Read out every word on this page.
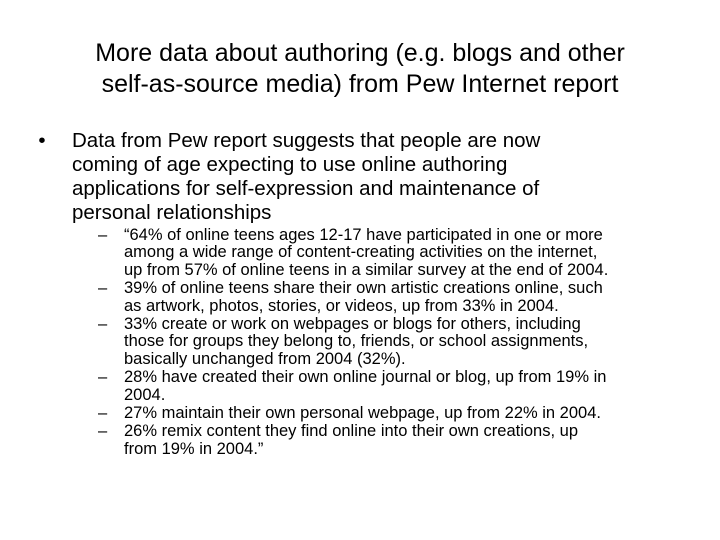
More data about authoring (e.g. blogs and other
self-as-source media) from Pew Internet report
•	Data from Pew report suggests that people are now
coming of age expecting to use online authoring
applications for self-expression and maintenance of
personal relationships
–	“64% of online teens ages 12-17 have participated in one or more
among a wide range of content-creating activities on the internet,
up from 57% of online teens in a similar survey at the end of 2004.
–	39% of online teens share their own artistic creations online, such
as artwork, photos, stories, or videos, up from 33% in 2004.
–	33% create or work on webpages or blogs for others, including
those for groups they belong to, friends, or school assignments,
basically unchanged from 2004 (32%).
–	28% have created their own online journal or blog, up from 19% in
2004.
–	27% maintain their own personal webpage, up from 22% in 2004.
–	26% remix content they find online into their own creations, up
from 19% in 2004.”
